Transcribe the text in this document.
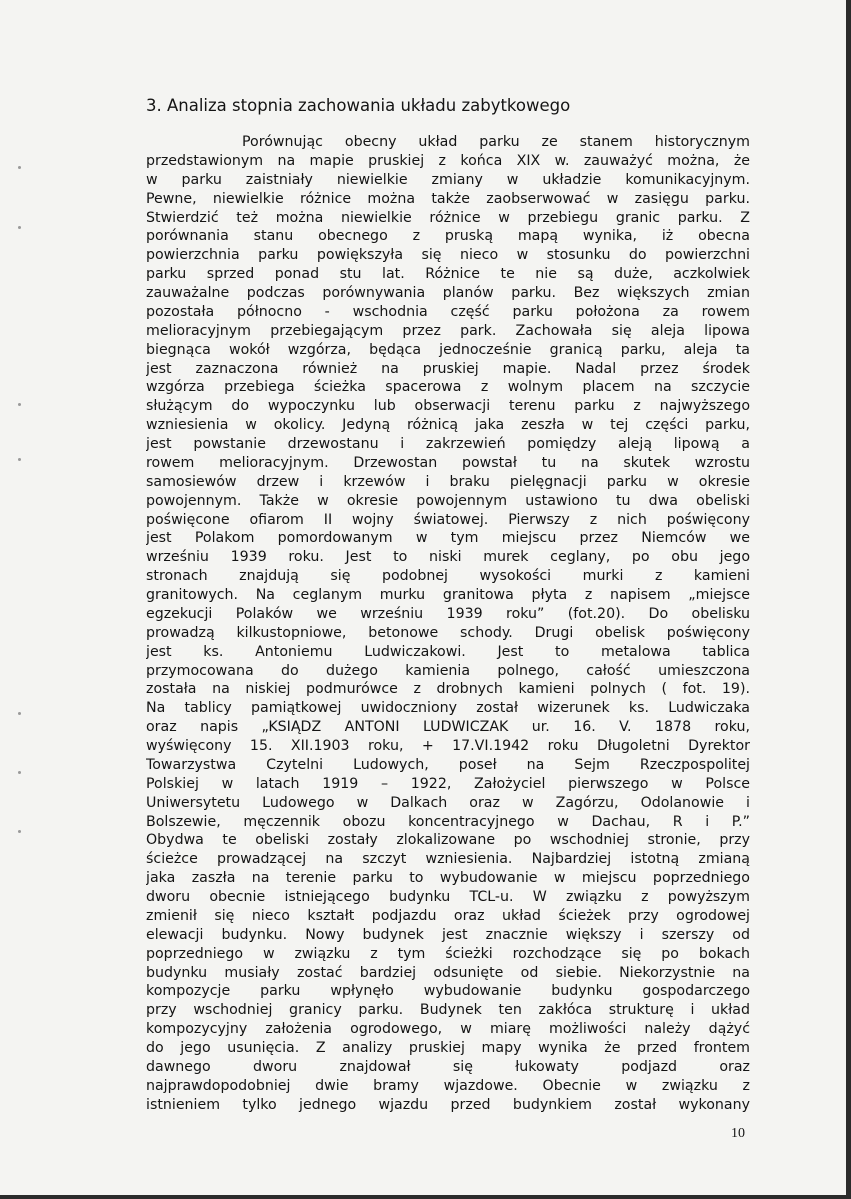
3. Analiza stopnia zachowania układu zabytkowego
Porównując obecny układ parku ze stanem historycznym
przedstawionym na mapie pruskiej z końca XIX w. zauważyć można, że
w parku zaistniały niewielkie zmiany w układzie komunikacyjnym.
Pewne, niewielkie różnice można także zaobserwować w zasięgu parku.
Stwierdzić też można niewielkie różnice w przebiegu granic parku. Z
porównania stanu obecnego z pruską mapą wynika, iż obecna
powierzchnia parku powiększyła się nieco w stosunku do powierzchni
parku sprzed ponad stu lat. Różnice te nie są duże, aczkolwiek
zauważalne podczas porównywania planów parku. Bez większych zmian
pozostała północno - wschodnia część parku położona za rowem
melioracyjnym przebiegającym przez park. Zachowała się aleja lipowa
biegnąca wokół wzgórza, będąca jednocześnie granicą parku, aleja ta
jest zaznaczona również na pruskiej mapie. Nadal przez środek
wzgórza przebiega ścieżka spacerowa z wolnym placem na szczycie
służącym do wypoczynku lub obserwacji terenu parku z najwyższego
wzniesienia w okolicy. Jedyną różnicą jaka zeszła w tej części parku,
jest powstanie drzewostanu i zakrzewień pomiędzy aleją lipową a
rowem melioracyjnym. Drzewostan powstał tu na skutek wzrostu
samosiewów drzew i krzewów i braku pielęgnacji parku w okresie
powojennym. Także w okresie powojennym ustawiono tu dwa obeliski
poświęcone ofiarom II wojny światowej. Pierwszy z nich poświęcony
jest Polakom pomordowanym w tym miejscu przez Niemców we
wrześniu 1939 roku. Jest to niski murek ceglany, po obu jego
stronach znajdują się podobnej wysokości murki z kamieni
granitowych. Na ceglanym murku granitowa płyta z napisem „miejsce
egzekucji Polaków we wrześniu 1939 roku” (fot.20). Do obelisku
prowadzą kilkustopniowe, betonowe schody. Drugi obelisk poświęcony
jest ks. Antoniemu Ludwiczakowi. Jest to metalowa tablica
przymocowana do dużego kamienia polnego, całość umieszczona
została na niskiej podmurówce z drobnych kamieni polnych ( fot. 19).
Na tablicy pamiątkowej uwidoczniony został wizerunek ks. Ludwiczaka
oraz napis „KSIĄDZ ANTONI LUDWICZAK ur. 16. V. 1878 roku,
wyświęcony 15. XII.1903 roku, + 17.VI.1942 roku Długoletni Dyrektor
Towarzystwa Czytelni Ludowych, poseł na Sejm Rzeczpospolitej
Polskiej w latach 1919 – 1922, Założyciel pierwszego w Polsce
Uniwersytetu Ludowego w Dalkach oraz w Zagórzu, Odolanowie i
Bolszewie, męczennik obozu koncentracyjnego w Dachau, R i P.”
Obydwa te obeliski zostały zlokalizowane po wschodniej stronie, przy
ścieżce prowadzącej na szczyt wzniesienia. Najbardziej istotną zmianą
jaka zaszła na terenie parku to wybudowanie w miejscu poprzedniego
dworu obecnie istniejącego budynku TCL-u. W związku z powyższym
zmienił się nieco kształt podjazdu oraz układ ścieżek przy ogrodowej
elewacji budynku. Nowy budynek jest znacznie większy i szerszy od
poprzedniego w związku z tym ścieżki rozchodzące się po bokach
budynku musiały zostać bardziej odsunięte od siebie. Niekorzystnie na
kompozycje parku wpłynęło wybudowanie budynku gospodarczego
przy wschodniej granicy parku. Budynek ten zakłóca strukturę i układ
kompozycyjny założenia ogrodowego, w miarę możliwości należy dążyć
do jego usunięcia. Z analizy pruskiej mapy wynika że przed frontem
dawnego dworu znajdował się łukowaty podjazd oraz
najprawdopodobniej dwie bramy wjazdowe. Obecnie w związku z
istnieniem tylko jednego wjazdu przed budynkiem został wykonany
10
